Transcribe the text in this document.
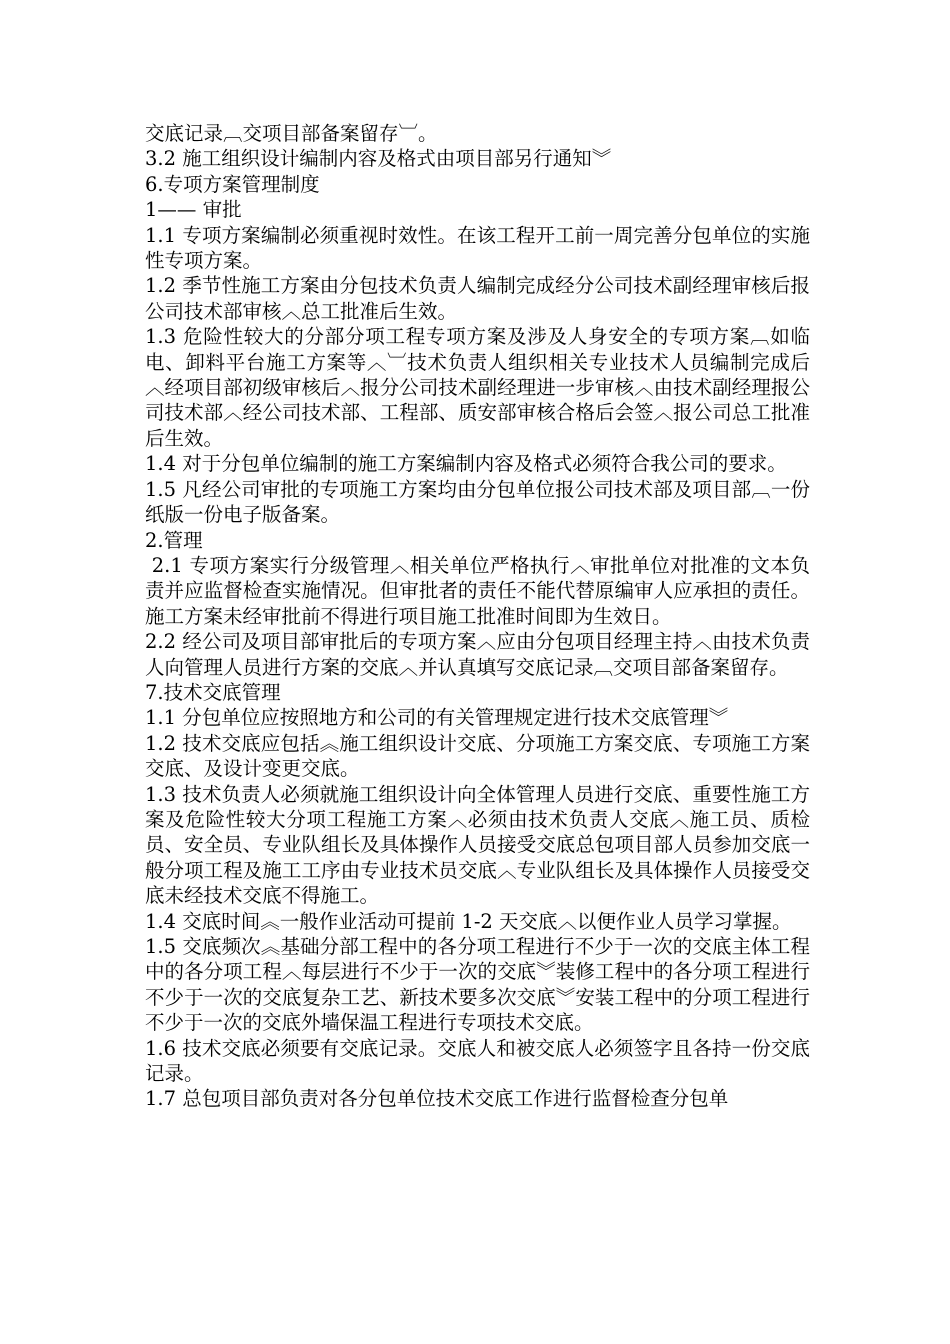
交底记录︹交项目部备案留存︺。

3.2 施工组织设计编制内容及格式由项目部另行通知︾

6.专项方案管理制度

1—— 审批

1.1 专项方案编制必须重视时效性。在该工程开工前一周完善分包单位的实施性专项方案。

1.2 季节性施工方案由分包技术负责人编制完成经分公司技术副经理审核后报公司技术部审核︿总工批准后生效。

1.3 危险性较大的分部分项工程专项方案及涉及人身安全的专项方案︹如临电、卸料平台施工方案等︿︺技术负责人组织相关专业技术人员编制完成后︿经项目部初级审核后︿报分公司技术副经理进一步审核︿由技术副经理报公司技术部︿经公司技术部、工程部、质安部审核合格后会签︿报公司总工批准后生效。

1.4 对于分包单位编制的施工方案编制内容及格式必须符合我公司的要求。

1.5 凡经公司审批的专项施工方案均由分包单位报公司技术部及项目部︹一份纸版一份电子版备案。

2.管理

2.1 专项方案实行分级管理︿相关单位严格执行︿审批单位对批准的文本负责并应监督检查实施情况。但审批者的责任不能代替原编审人应承担的责任。施工方案未经审批前不得进行项目施工批准时间即为生效日。

2.2 经公司及项目部审批后的专项方案︿应由分包项目经理主持︿由技术负责人向管理人员进行方案的交底︿并认真填写交底记录︹交项目部备案留存。

7.技术交底管理

1.1 分包单位应按照地方和公司的有关管理规定进行技术交底管理︾

1.2 技术交底应包括︽施工组织设计交底、分项施工方案交底、专项施工方案交底、及设计变更交底。

1.3 技术负责人必须就施工组织设计向全体管理人员进行交底、重要性施工方案及危险性较大分项工程施工方案︿必须由技术负责人交底︿施工员、质检员、安全员、专业队组长及具体操作人员接受交底总包项目部人员参加交底一般分项工程及施工工序由专业技术员交底︿专业队组长及具体操作人员接受交底未经技术交底不得施工。

1.4 交底时间︽一般作业活动可提前 1-2 天交底︿以便作业人员学习掌握。

1.5 交底频次︽基础分部工程中的各分项工程进行不少于一次的交底主体工程中的各分项工程︿每层进行不少于一次的交底︾装修工程中的各分项工程进行不少于一次的交底复杂工艺、新技术要多次交底︾安装工程中的分项工程进行不少于一次的交底外墙保温工程进行专项技术交底。

1.6 技术交底必须要有交底记录。交底人和被交底人必须签字且各持一份交底记录。

1.7 总包项目部负责对各分包单位技术交底工作进行监督检查分包单
